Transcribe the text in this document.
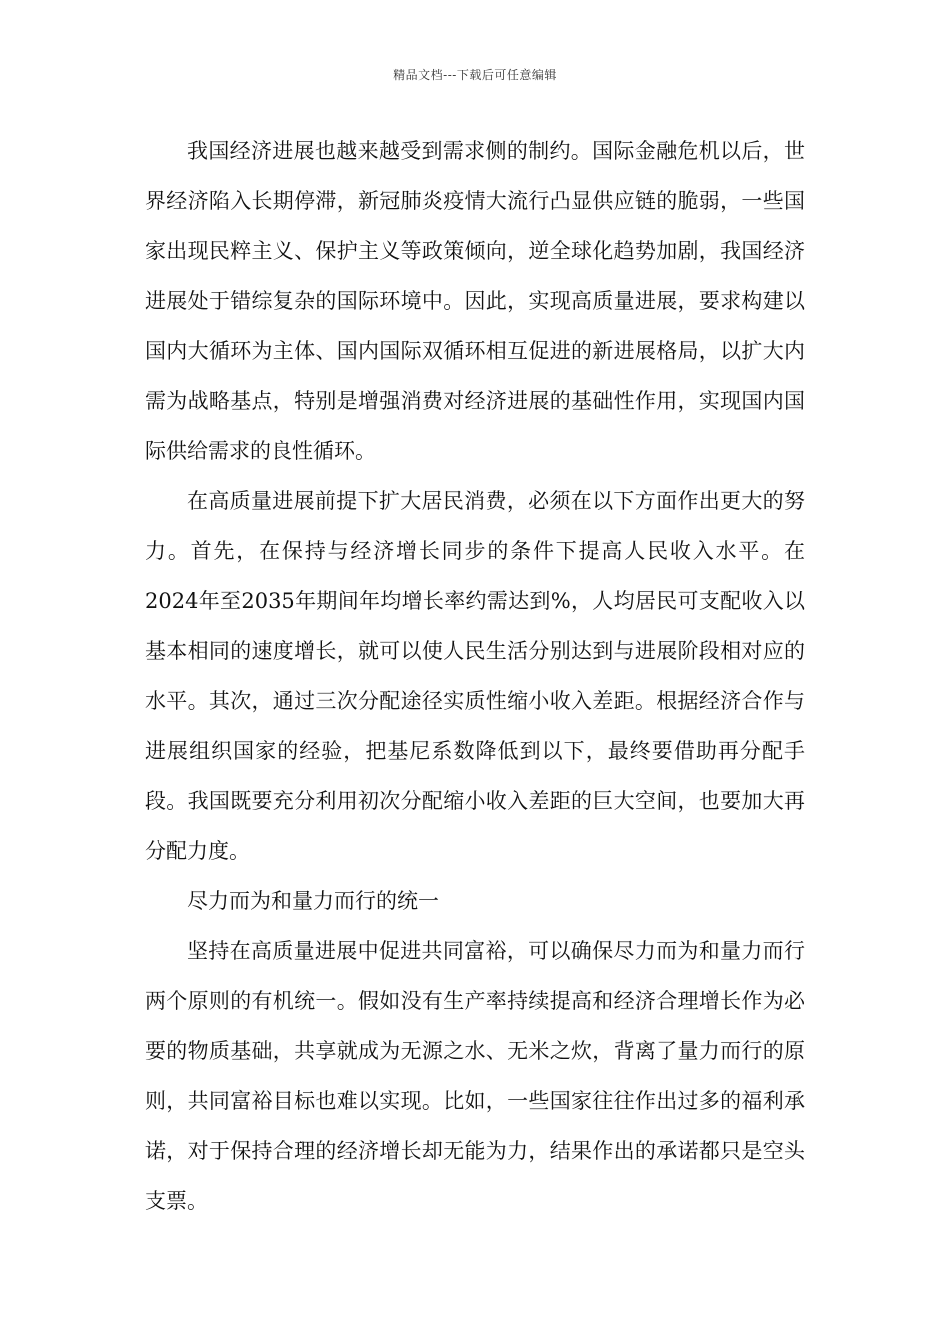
精品文档---下载后可任意编辑

我国经济进展也越来越受到需求侧的制约。国际金融危机以后，世界经济陷入长期停滞，新冠肺炎疫情大流行凸显供应链的脆弱，一些国家出现民粹主义、保护主义等政策倾向，逆全球化趋势加剧，我国经济进展处于错综复杂的国际环境中。因此，实现高质量进展，要求构建以国内大循环为主体、国内国际双循环相互促进的新进展格局，以扩大内需为战略基点，特别是增强消费对经济进展的基础性作用，实现国内国际供给需求的良性循环。

在高质量进展前提下扩大居民消费，必须在以下方面作出更大的努力。首先，在保持与经济增长同步的条件下提高人民收入水平。在2024年至2035年期间年均增长率约需达到%，人均居民可支配收入以基本相同的速度增长，就可以使人民生活分别达到与进展阶段相对应的水平。其次，通过三次分配途径实质性缩小收入差距。根据经济合作与进展组织国家的经验，把基尼系数降低到以下，最终要借助再分配手段。我国既要充分利用初次分配缩小收入差距的巨大空间，也要加大再分配力度。

尽力而为和量力而行的统一

坚持在高质量进展中促进共同富裕，可以确保尽力而为和量力而行两个原则的有机统一。假如没有生产率持续提高和经济合理增长作为必要的物质基础，共享就成为无源之水、无米之炊，背离了量力而行的原则，共同富裕目标也难以实现。比如，一些国家往往作出过多的福利承诺，对于保持合理的经济增长却无能为力，结果作出的承诺都只是空头支票。
